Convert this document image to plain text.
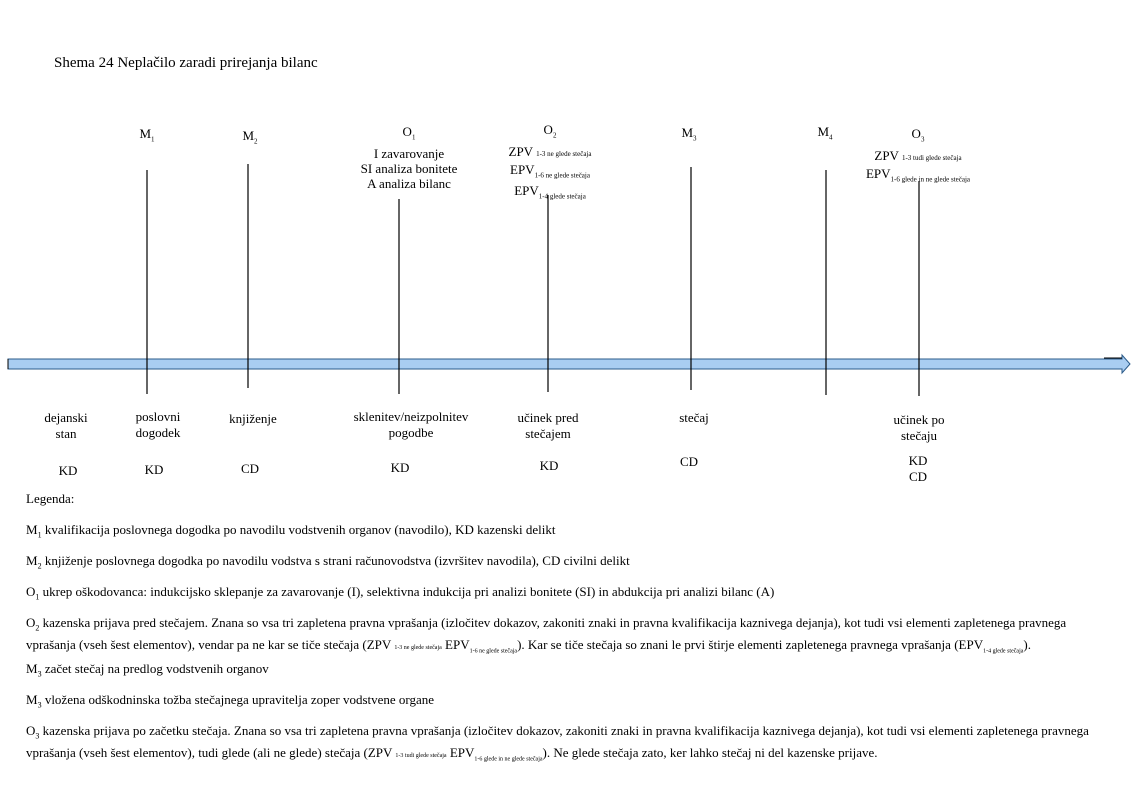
Shema 24 Neplačilo zaradi prirejanja bilanc
$M_1$	$M_2$
$O_1$
I zavarovanje
SI analiza bonitete
A analiza bilanc
$O_2$
ZPV 1-3 ne glede stečaja
$EPV_{1-6 ne glede stečaja}$
$EPV_{1-4 glede stečaja}$
$M_3$	$M_4$	$O_3$
ZPV 1-3 tudi glede stečaja
$EPV_{1-6 glede in ne glede stečaja}$
dejanski
stan
KD
poslovni
dogodek
KD
knjiženje
CD
sklenitev/neizpolnitev
pogodbe
KD
učinek pred
stečajem
KD
stečaj
CD
učinek po
stečaju
KD
CD
Legenda:
$M_1$ kvalifikacija poslovnega dogodka po navodilu vodstvenih organov (navodilo), KD kazenski delikt
$M_2$ knjiženje poslovnega dogodka po navodilu vodstva s strani računovodstva (izvršitev navodila), CD civilni delikt
$O_1$ ukrep oškodovanca: indukcijsko sklepanje za zavarovanje (I), selektivna indukcija pri analizi bonitete (SI) in abdukcija pri analizi bilanc (A)
$O_2$ kazenska prijava pred stečajem. Znana so vsa tri zapletena pravna vprašanja (izločitev dokazov, zakoniti znaki in pravna kvalifikacija kaznivega dejanja), kot tudi vsi elementi zapletenega pravnega vprašanja (vseh šest elementov), vendar pa ne kar se tiče stečaja (ZPV 1-3 ne glede stečaja $EPV_{1-6 ne glede stečaja}$). Kar se tiče stečaja so znani le prvi štirje elementi zapletenega pravnega vprašanja $(EPV_{1-4 glede stečaja})$.
$M_3$ začet stečaj na predlog vodstvenih organov
$M_3$ vložena odškodninska tožba stečajnega upravitelja zoper vodstvene organe
$O_3$ kazenska prijava po začetku stečaja. Znana so vsa tri zapletena pravna vprašanja (izločitev dokazov, zakoniti znaki in pravna kvalifikacija kaznivega dejanja), kot tudi vsi elementi zapletenega pravnega vprašanja (vseh šest elementov), tudi glede (ali ne glede) stečaja (ZPV 1-3 tudi glede stečaja $EPV_{1-6 glede in ne glede stečaja}$). Ne glede stečaja zato, ker lahko stečaj ni del kazenske prijave.
